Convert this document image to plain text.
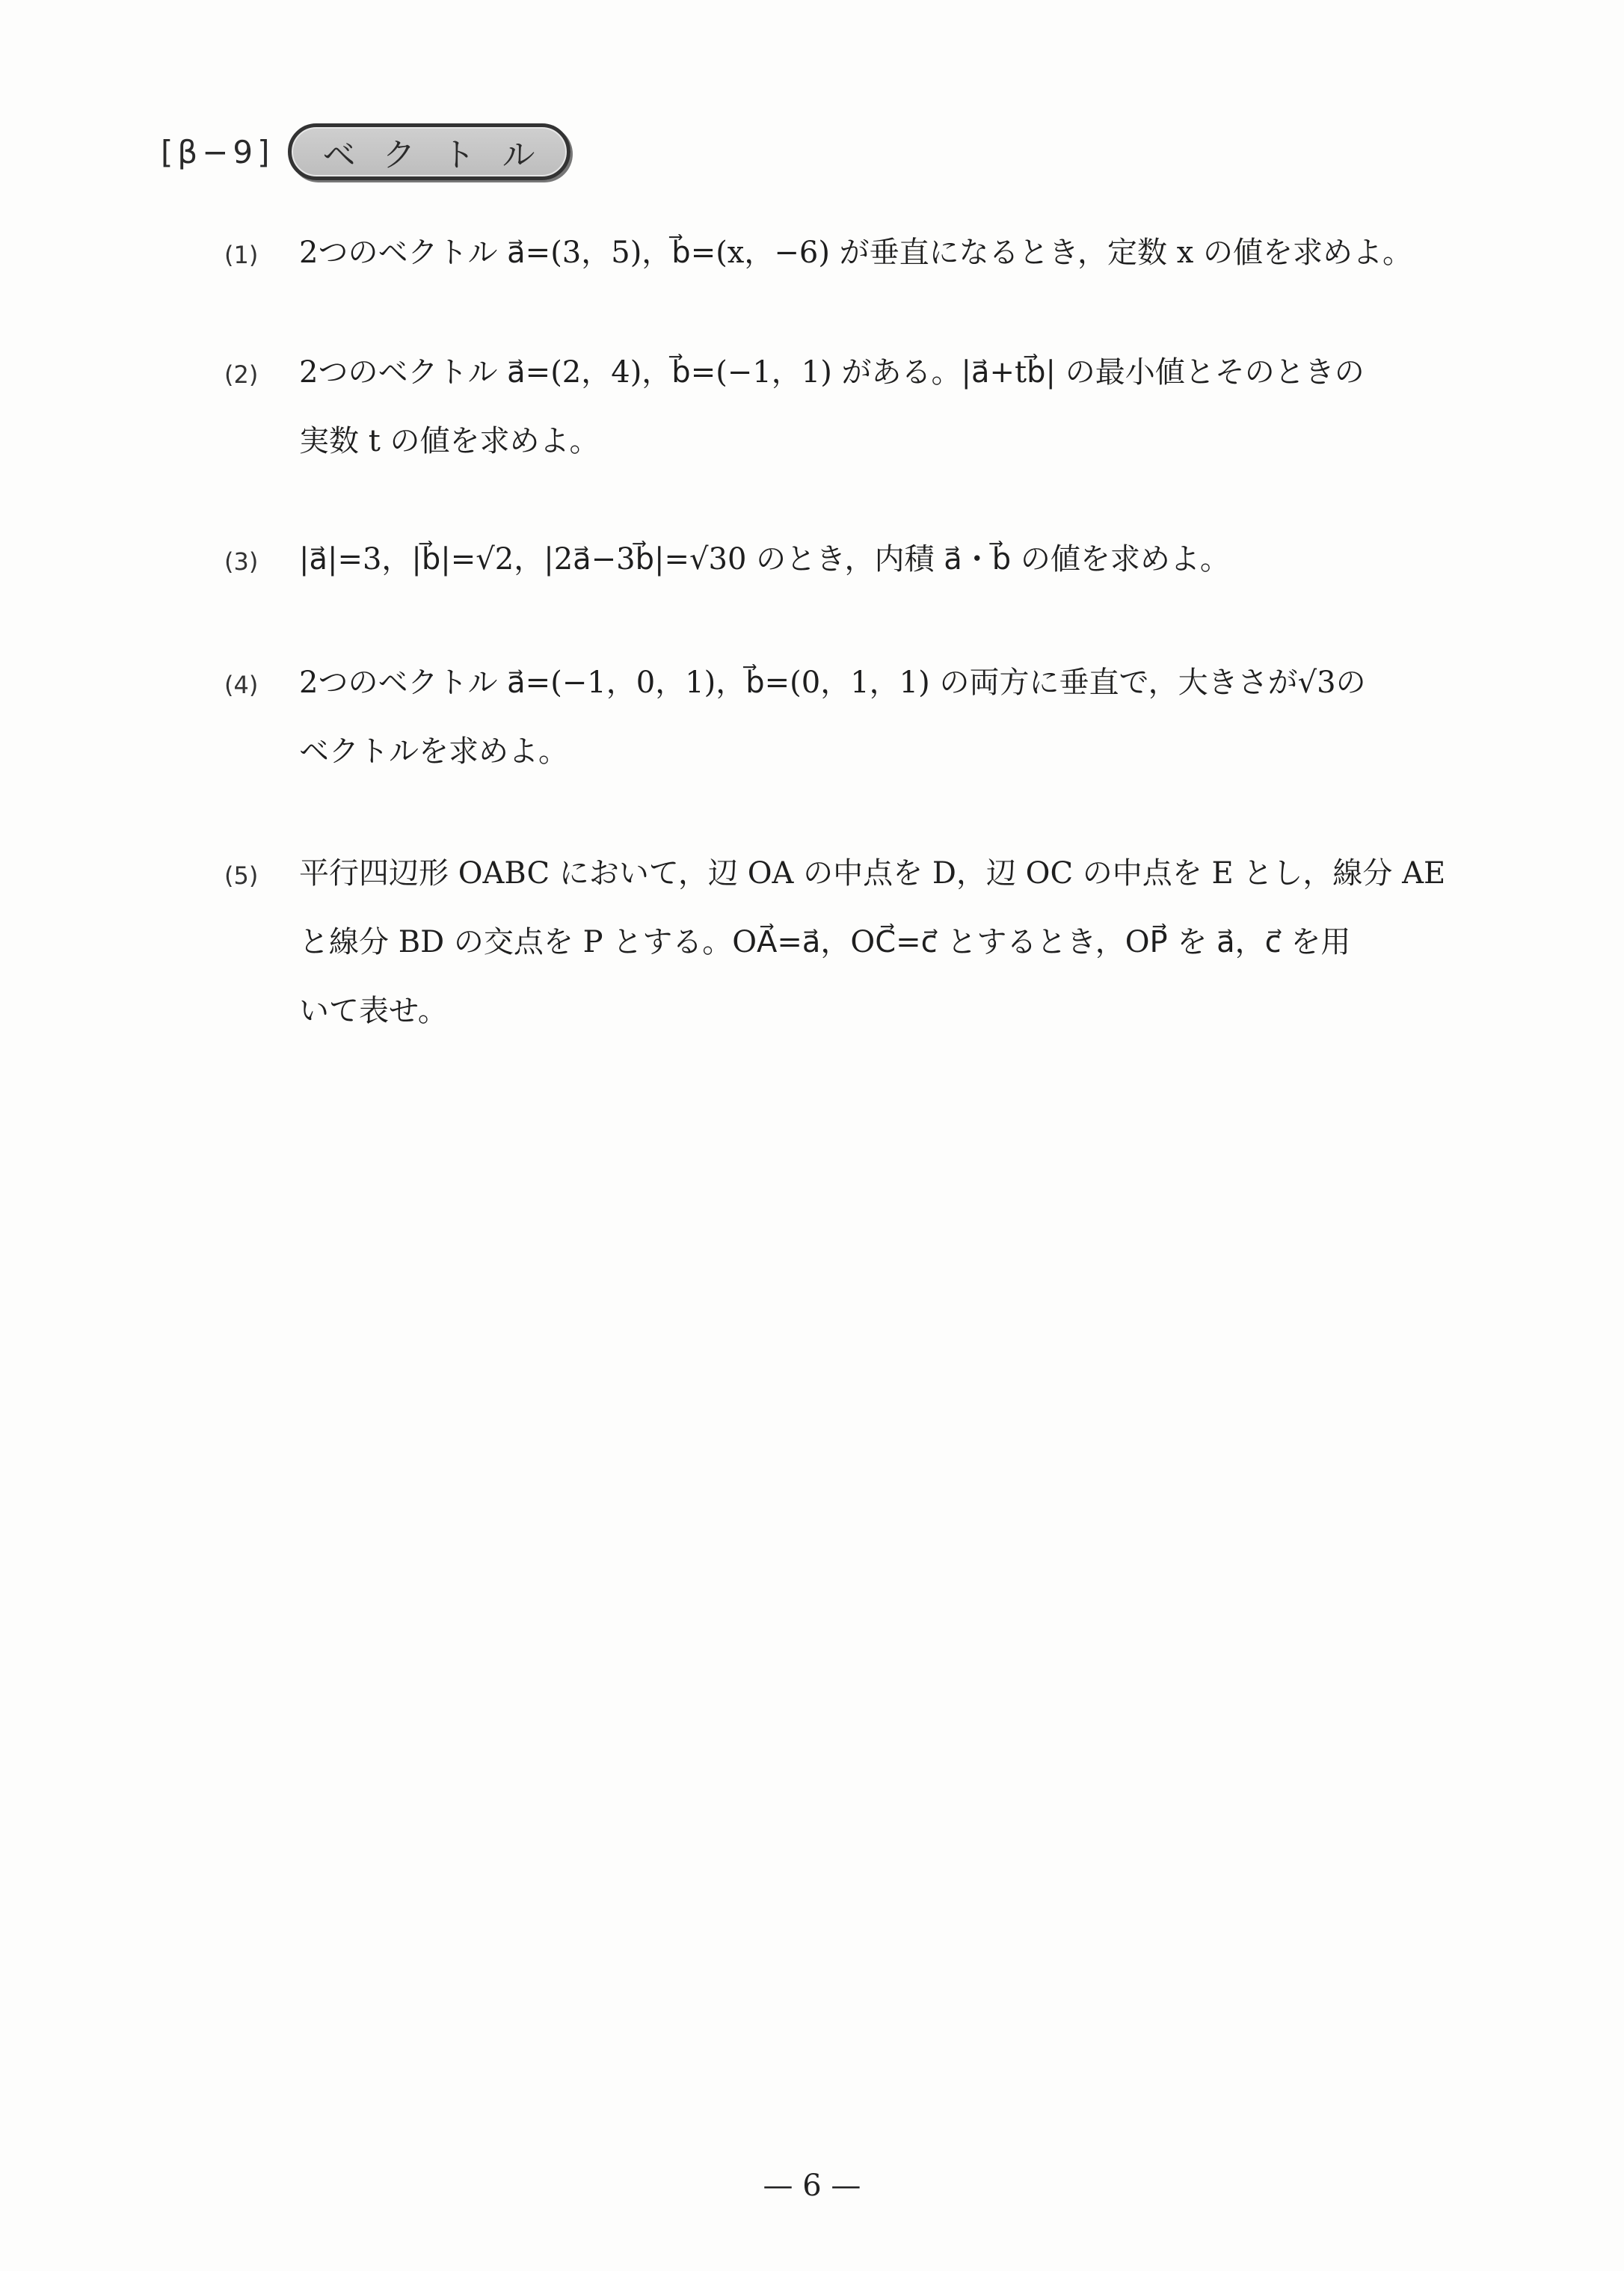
[β−9]	ベクトル
(1) 2つのベクトル a⃗=(3，5)，b⃗=(x，−6) が垂直になるとき，定数 x の値を求めよ。
(2) 2つのベクトル a⃗=(2，4)，b⃗=(−1，1) がある。|a⃗+tb⃗| の最小値とそのときの
実数 t の値を求めよ。
(3) |a⃗|=3，|b⃗|=√2，|2a⃗−3b⃗|=√30 のとき，内積 a⃗・b⃗ の値を求めよ。
(4) 2つのベクトル a⃗=(−1，0，1)，b⃗=(0，1，1) の両方に垂直で，大きさが√3の
ベクトルを求めよ。
(5) 平行四辺形 OABC において，辺 OA の中点を D，辺 OC の中点を E とし，線分 AE
と線分 BD の交点を P とする。OA⃗=a⃗，OC⃗=c⃗ とするとき，OP⃗ を a⃗，c⃗ を用
いて表せ。
— 6 —
